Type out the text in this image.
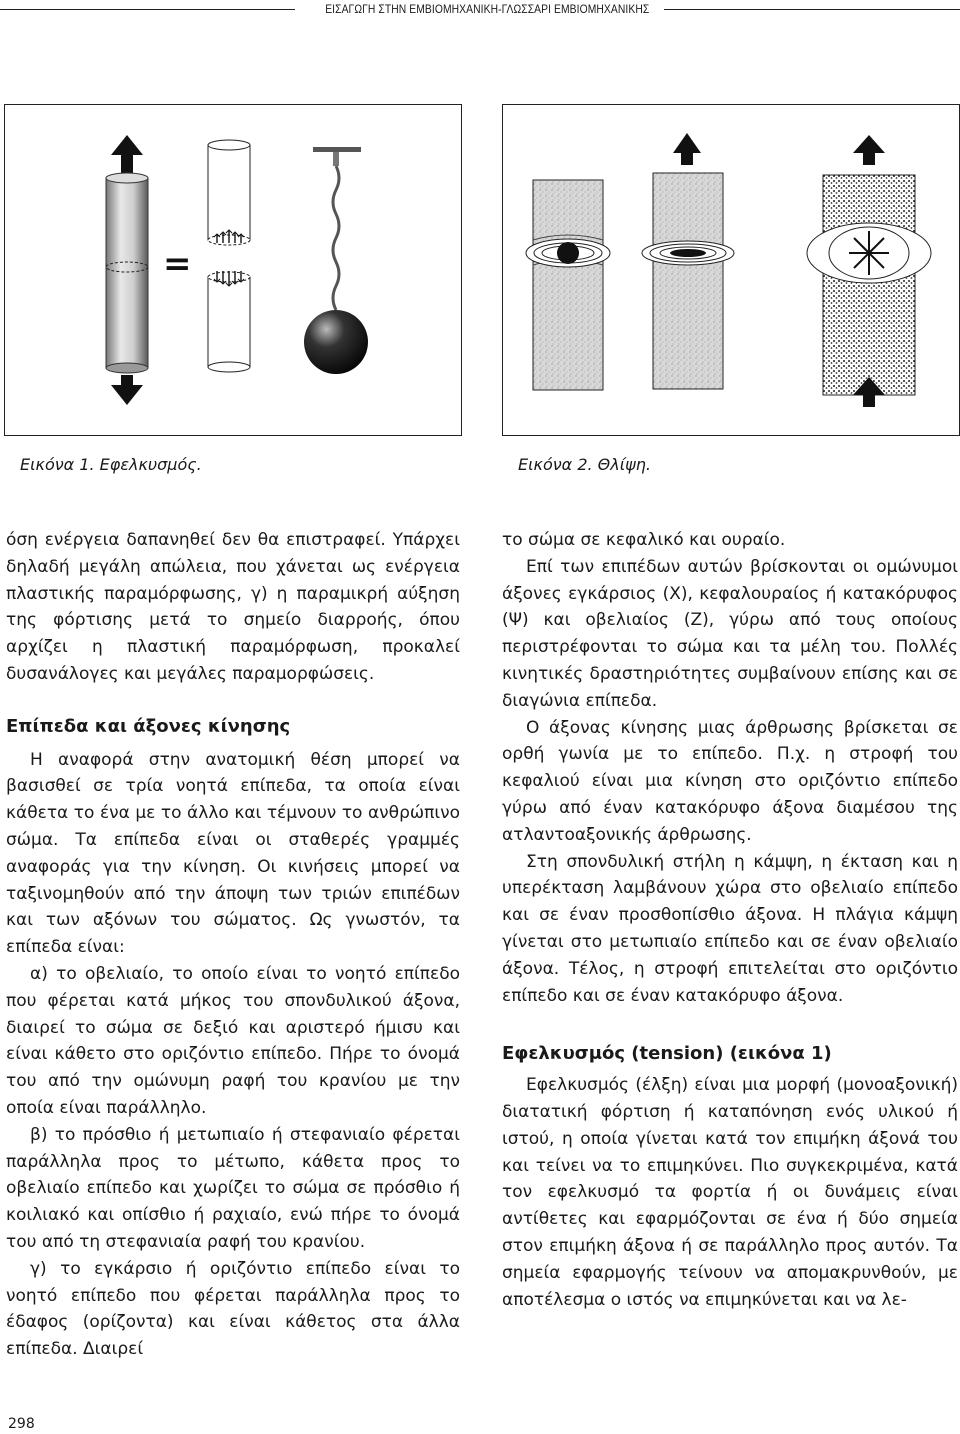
ΕΙΣΑΓΩΓΗ ΣΤΗΝ ΕΜΒΙΟΜΗΧΑΝΙΚΗ-ΓΛΩΣΣΑΡΙ ΕΜΒΙΟΜΗΧΑΝΙΚΗΣ
=
Εικόνα 1. Εφελκυσμός.	Εικόνα 2. Θλίψη.

όση ενέργεια δαπανηθεί δεν θα επιστραφεί. Υπάρχει δηλαδή μεγάλη απώλεια, που χάνεται ως ενέργεια πλαστικής παραμόρφωσης, γ) η παραμικρή αύξηση της φόρτισης μετά το σημείο διαρροής, όπου αρχίζει η πλαστική παραμόρφωση, προκαλεί δυσανάλογες και μεγάλες παραμορφώσεις.

Επίπεδα και άξονες κίνησης

Η αναφορά στην ανατομική θέση μπορεί να βασισθεί σε τρία νοητά επίπεδα, τα οποία είναι κάθετα το ένα με το άλλο και τέμνουν το ανθρώπινο σώμα. Τα επίπεδα είναι οι σταθερές γραμμές αναφοράς για την κίνηση. Οι κινήσεις μπορεί να ταξινομηθούν από την άποψη των τριών επιπέδων και των αξόνων του σώματος. Ως γνωστόν, τα επίπεδα είναι:

α) το οβελιαίο, το οποίο είναι το νοητό επίπεδο που φέρεται κατά μήκος του σπονδυλικού άξονα, διαιρεί το σώμα σε δεξιό και αριστερό ήμισυ και είναι κάθετο στο οριζόντιο επίπεδο. Πήρε το όνομά του από την ομώνυμη ραφή του κρανίου με την οποία είναι παράλληλο.

β) το πρόσθιο ή μετωπιαίο ή στεφανιαίο φέρεται παράλληλα προς το μέτωπο, κάθετα προς το οβελιαίο επίπεδο και χωρίζει το σώμα σε πρόσθιο ή κοιλιακό και οπίσθιο ή ραχιαίο, ενώ πήρε το όνομά του από τη στεφανιαία ραφή του κρανίου.

γ) το εγκάρσιο ή οριζόντιο επίπεδο είναι το νοητό επίπεδο που φέρεται παράλληλα προς το έδαφος (ορίζοντα) και είναι κάθετος στα άλλα επίπεδα. Διαιρεί

το σώμα σε κεφαλικό και ουραίο.

Επί των επιπέδων αυτών βρίσκονται οι ομώνυμοι άξονες εγκάρσιος (Χ), κεφαλουραίος ή κατακόρυφος (Ψ) και οβελιαίος (Ζ), γύρω από τους οποίους περιστρέφονται το σώμα και τα μέλη του. Πολλές κινητικές δραστηριότητες συμβαίνουν επίσης και σε διαγώνια επίπεδα.

Ο άξονας κίνησης μιας άρθρωσης βρίσκεται σε ορθή γωνία με το επίπεδο. Π.χ. η στροφή του κεφαλιού είναι μια κίνηση στο οριζόντιο επίπεδο γύρω από έναν κατακόρυφο άξονα διαμέσου της ατλαντοαξονικής άρθρωσης.

Στη σπονδυλική στήλη η κάμψη, η έκταση και η υπερέκταση λαμβάνουν χώρα στο οβελιαίο επίπεδο και σε έναν προσθοπίσθιο άξονα. Η πλάγια κάμψη γίνεται στο μετωπιαίο επίπεδο και σε έναν οβελιαίο άξονα. Τέλος, η στροφή επιτελείται στο οριζόντιο επίπεδο και σε έναν κατακόρυφο άξονα.

Εφελκυσμός (tension) (εικόνα 1)

Εφελκυσμός (έλξη) είναι μια μορφή (μονοαξονική) διατατική φόρτιση ή καταπόνηση ενός υλικού ή ιστού, η οποία γίνεται κατά τον επιμήκη άξονά του και τείνει να το επιμηκύνει. Πιο συγκεκριμένα, κατά τον εφελκυσμό τα φορτία ή οι δυνάμεις είναι αντίθετες και εφαρμόζονται σε ένα ή δύο σημεία στον επιμήκη άξονα ή σε παράλληλο προς αυτόν. Τα σημεία εφαρμογής τείνουν να απομακρυνθούν, με αποτέλεσμα ο ιστός να επιμηκύνεται και να λε-

298
